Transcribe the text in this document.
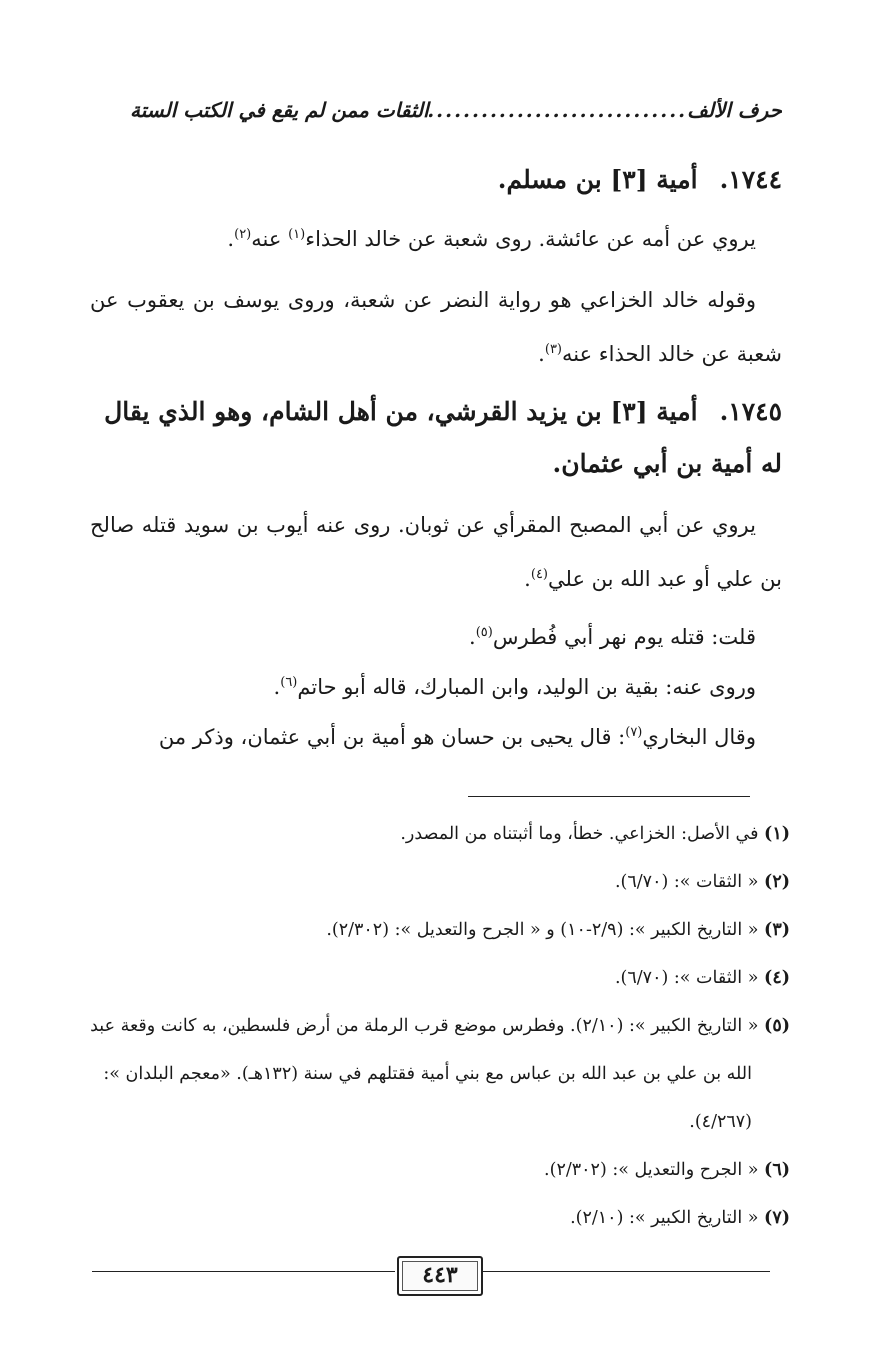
حرف الألف
.....
الثقات ممن لم يقع في الكتب الستة
١٧٤٤.أمية [٣] بن مسلم.
يروي عن أمه عن عائشة. روى شعبة عن خالد الحذاء$^{(١)}$ عنه$^{(٢)}$.
وقوله خالد الخزاعي هو رواية النضر عن شعبة، وروى يوسف بن يعقوب عن شعبة عن خالد الحذاء عنه$^{(٣)}$.
١٧٤٥.أمية [٣] بن يزيد القرشي، من أهل الشام، وهو الذي يقال له أمية بن أبي عثمان.
يروي عن أبي المصبح المقرأي عن ثوبان. روى عنه أيوب بن سويد قتله صالح بن علي أو عبد الله بن علي$^{(٤)}$.
قلت: قتله يوم نهر أبي فُطرس$^{(٥)}$.
وروى عنه: بقية بن الوليد، وابن المبارك، قاله أبو حاتم$^{(٦)}$.
وقال البخاري$^{(٧)}$: قال يحيى بن حسان هو أمية بن أبي عثمان، وذكر من
(١) في الأصل: الخزاعي. خطأ، وما أثبتناه من المصدر.
(٢) « الثقات »: (٦/٧٠).
(٣) « التاريخ الكبير »: (٢/٩-١٠) و « الجرح والتعديل »: (٢/٣٠٢).
(٤) « الثقات »: (٦/٧٠).
(٥) « التاريخ الكبير »: (٢/١٠). وفطرس موضع قرب الرملة من أرض فلسطين، به كانت وقعة عبد الله بن علي بن عبد الله بن عباس مع بني أمية فقتلهم في سنة (١٣٢هـ). «معجم البلدان »: (٤/٢٦٧).
(٦) « الجرح والتعديل »: (٢/٣٠٢).
(٧) « التاريخ الكبير »: (٢/١٠).
٤٤٣
